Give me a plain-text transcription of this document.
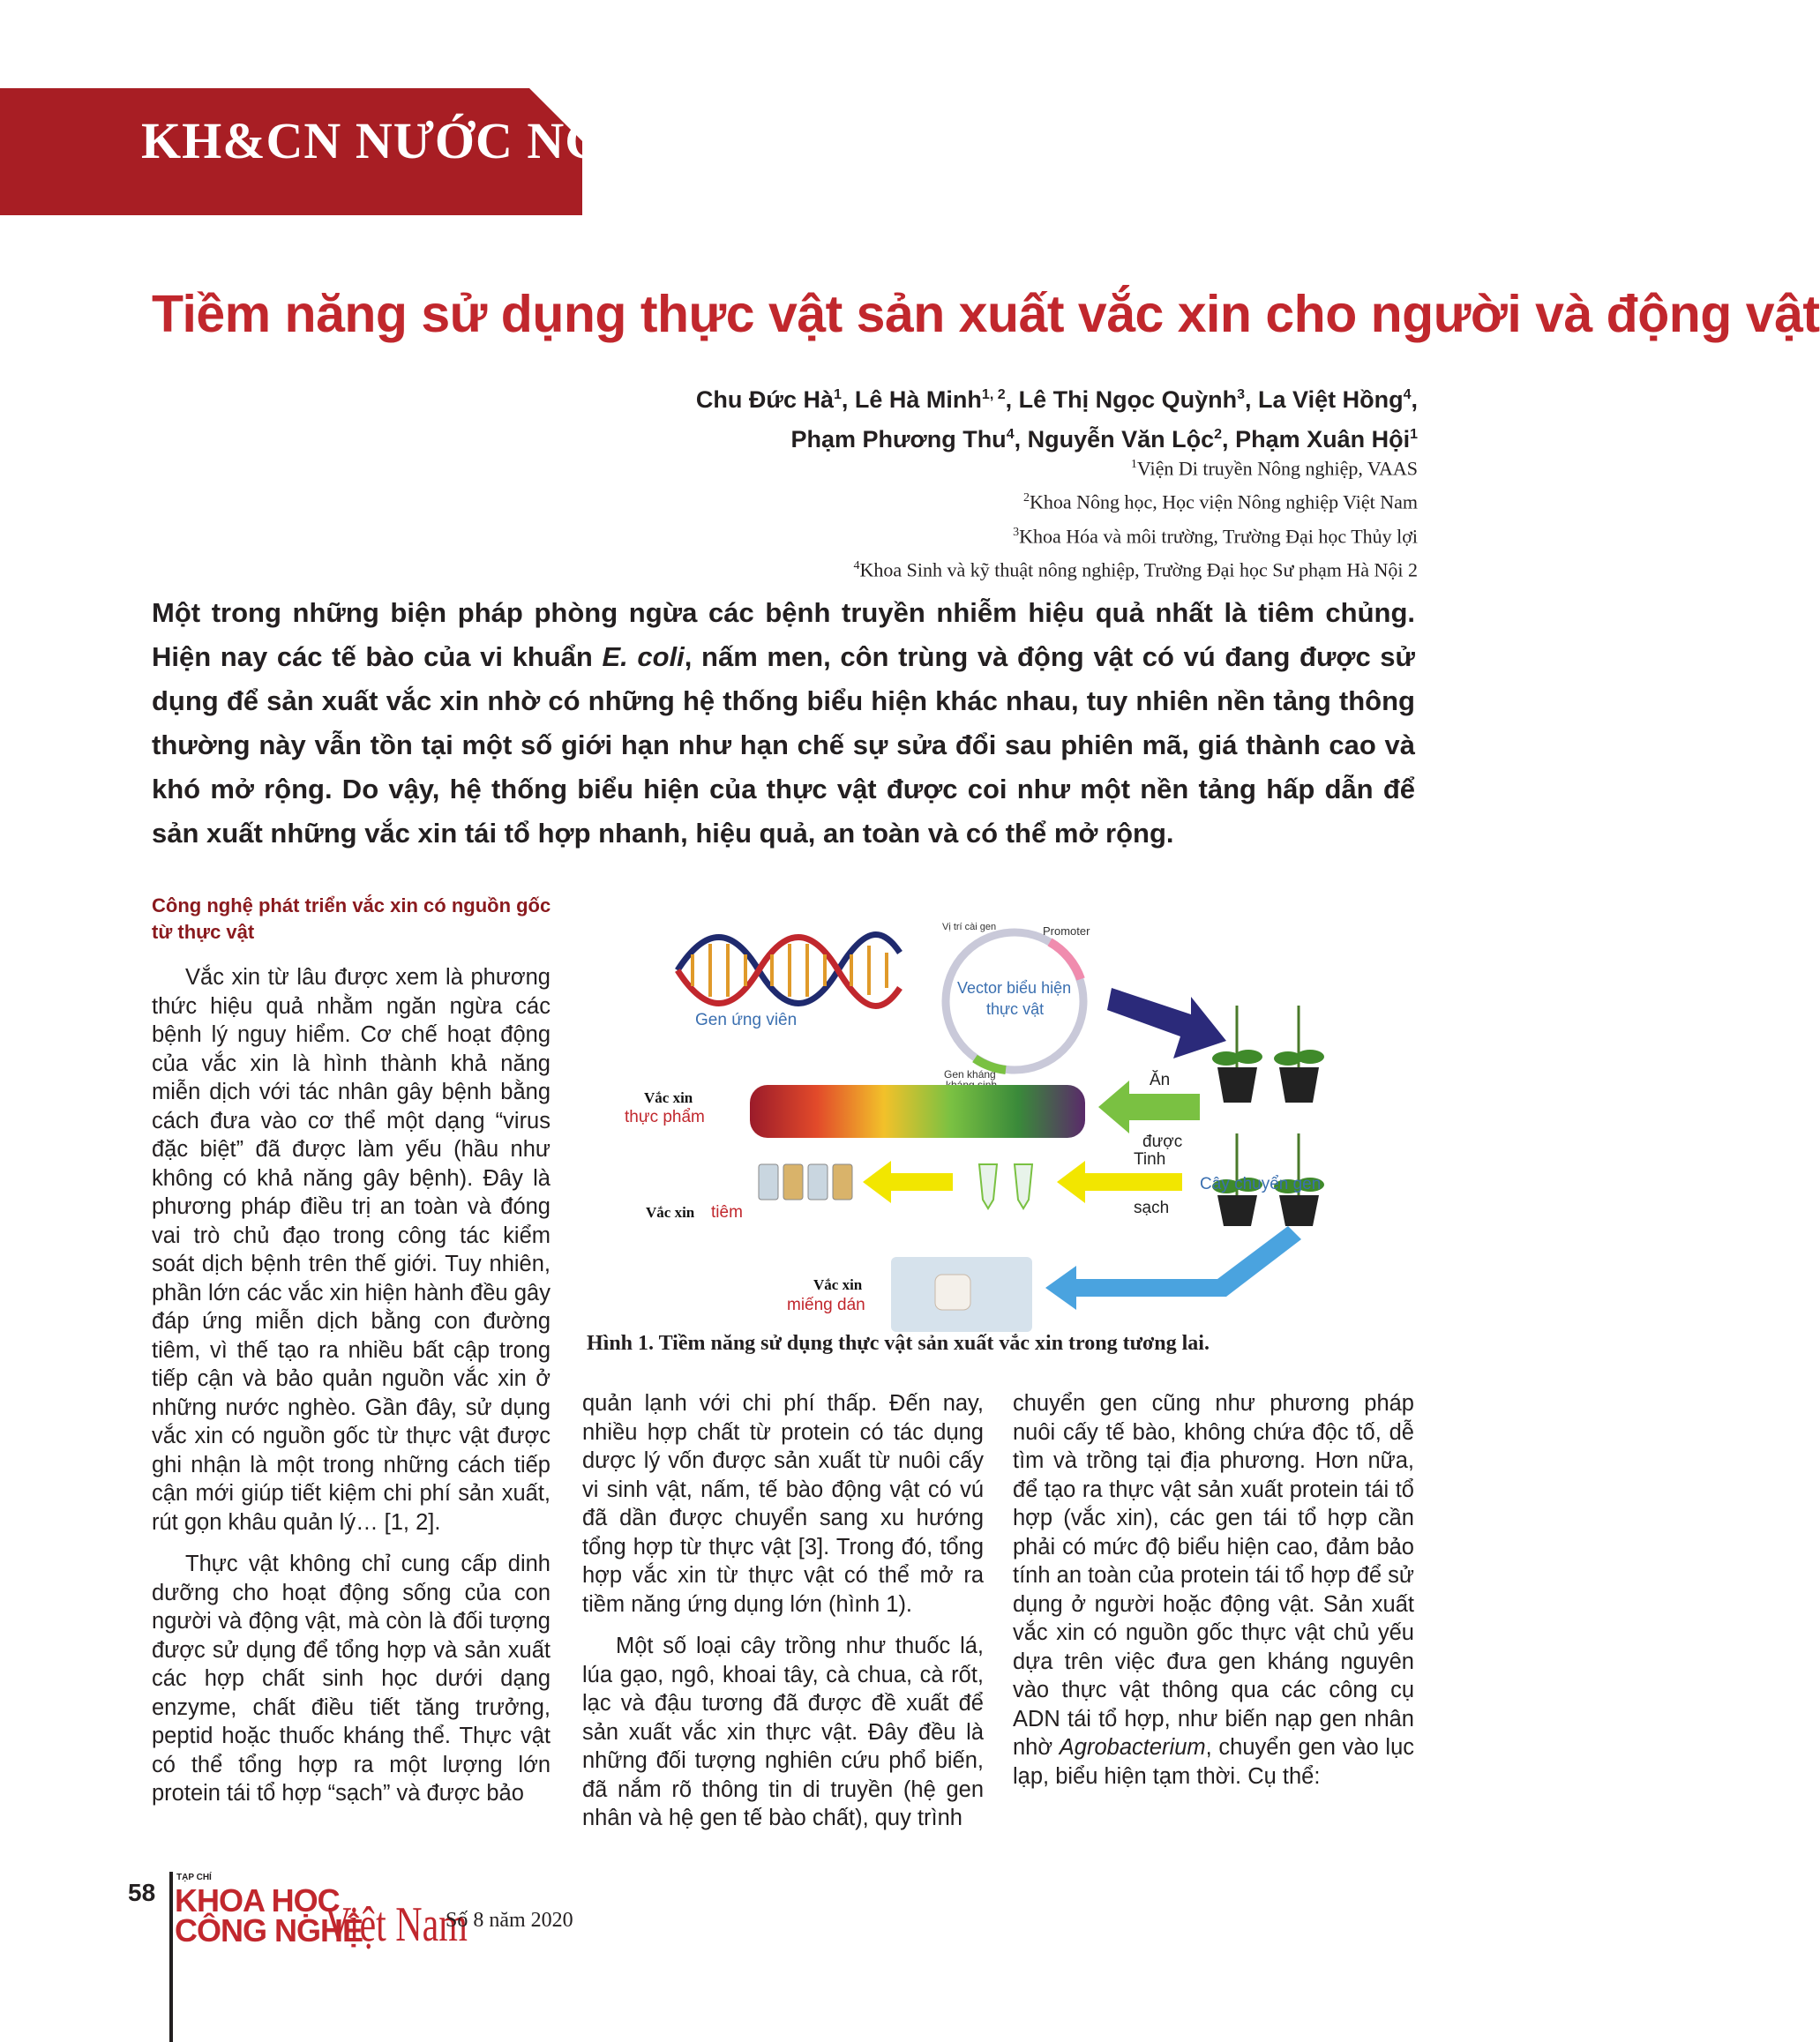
KH&CN NƯỚC NGOÀI
Tiềm năng sử dụng thực vật sản xuất vắc xin cho người và động vật
Chu Đức $Hà^1$, Lê Hà Minh$^{1, 2}$, Lê Thị Ngọc Quỳnh$^3$, La Việt Hồng$^4$,
Phạm Phương Thu$^4$, Nguyễn Văn Lộc$^2$, Phạm Xuân Hội$^1$
$^1$Viện Di truyền Nông nghiệp, VAAS
$^2$Khoa Nông học, Học viện Nông nghiệp Việt Nam
$^3$Khoa Hóa và môi trường, Trường Đại học Thủy lợi
$^4$Khoa Sinh và kỹ thuật nông nghiệp, Trường Đại học Sư phạm Hà Nội 2
Một trong những biện pháp phòng ngừa các bệnh truyền nhiễm hiệu quả nhất là tiêm chủng. Hiện nay các tế bào của vi khuẩn E. coli, nấm men, côn trùng và động vật có vú đang được sử dụng để sản xuất vắc xin nhờ có những hệ thống biểu hiện khác nhau, tuy nhiên nền tảng thông thường này vẫn tồn tại một số giới hạn như hạn chế sự sửa đổi sau phiên mã, giá thành cao và khó mở rộng. Do vậy, hệ thống biểu hiện của thực vật được coi như một nền tảng hấp dẫn để sản xuất những vắc xin tái tổ hợp nhanh, hiệu quả, an toàn và có thể mở rộng.
Công nghệ phát triển vắc xin có nguồn gốc từ thực vật

Vắc xin từ lâu được xem là phương thức hiệu quả nhằm ngăn ngừa các bệnh lý nguy hiểm. Cơ chế hoạt động của vắc xin là hình thành khả năng miễn dịch với tác nhân gây bệnh bằng cách đưa vào cơ thể một dạng “virus đặc biệt” đã được làm yếu (hầu như không có khả năng gây bệnh). Đây là phương pháp điều trị an toàn và đóng vai trò chủ đạo trong công tác kiểm soát dịch bệnh trên thế giới. Tuy nhiên, phần lớn các vắc xin hiện hành đều gây đáp ứng miễn dịch bằng con đường tiêm, vì thế tạo ra nhiều bất cập trong tiếp cận và bảo quản nguồn vắc xin ở những nước nghèo. Gần đây, sử dụng vắc xin có nguồn gốc từ thực vật được ghi nhận là một trong những cách tiếp cận mới giúp tiết kiệm chi phí sản xuất, rút gọn khâu quản lý… [1, 2].

Thực vật không chỉ cung cấp dinh dưỡng cho hoạt động sống của con người và động vật, mà còn là đối tượng được sử dụng để tổng hợp và sản xuất các hợp chất sinh học dưới dạng enzyme, chất điều tiết tăng trưởng, peptid hoặc thuốc kháng thể. Thực vật có thể tổng hợp ra một lượng lớn protein tái tổ hợp “sạch” và được bảo

Gen ứng viên
Promoter
Vị trí cài gen
Vector biểu hiện
thực vật
Gen kháng
Vắc xin
thực phẩm
Ăn
được
Vắc xin tiêm
Tinh
sạch
Cây chuyển gen
Vắc xin
miếng dán
Hình 1. Tiềm năng sử dụng thực vật sản xuất vắc xin trong tương lai.

quản lạnh với chi phí thấp. Đến nay, nhiều hợp chất từ protein có tác dụng dược lý vốn được sản xuất từ nuôi cấy vi sinh vật, nấm, tế bào động vật có vú đã dần được chuyển sang xu hướng tổng hợp từ thực vật [3]. Trong đó, tổng hợp vắc xin từ thực vật có thể mở ra tiềm năng ứng dụng lớn (hình 1).

Một số loại cây trồng như thuốc lá, lúa gạo, ngô, khoai tây, cà chua, cà rốt, lạc và đậu tương đã được đề xuất để sản xuất vắc xin thực vật. Đây đều là những đối tượng nghiên cứu phổ biến, đã nắm rõ thông tin di truyền (hệ gen nhân và hệ gen tế bào chất), quy trình

chuyển gen cũng như phương pháp nuôi cấy tế bào, không chứa độc tố, dễ tìm và trồng tại địa phương. Hơn nữa, để tạo ra thực vật sản xuất protein tái tổ hợp (vắc xin), các gen tái tổ hợp cần phải có mức độ biểu hiện cao, đảm bảo tính an toàn của protein tái tổ hợp để sử dụng ở người hoặc động vật. Sản xuất vắc xin có nguồn gốc thực vật chủ yếu dựa trên việc đưa gen kháng nguyên vào thực vật thông qua các công cụ ADN tái tổ hợp, như biến nạp gen nhân nhờ Agrobacterium, chuyển gen vào lục lạp, biểu hiện tạm thời. Cụ thể:

58
TẠP CHÍ
KHOA HỌC
CÔNG NGHỆ
Việt Nam
Số 8 năm 2020
